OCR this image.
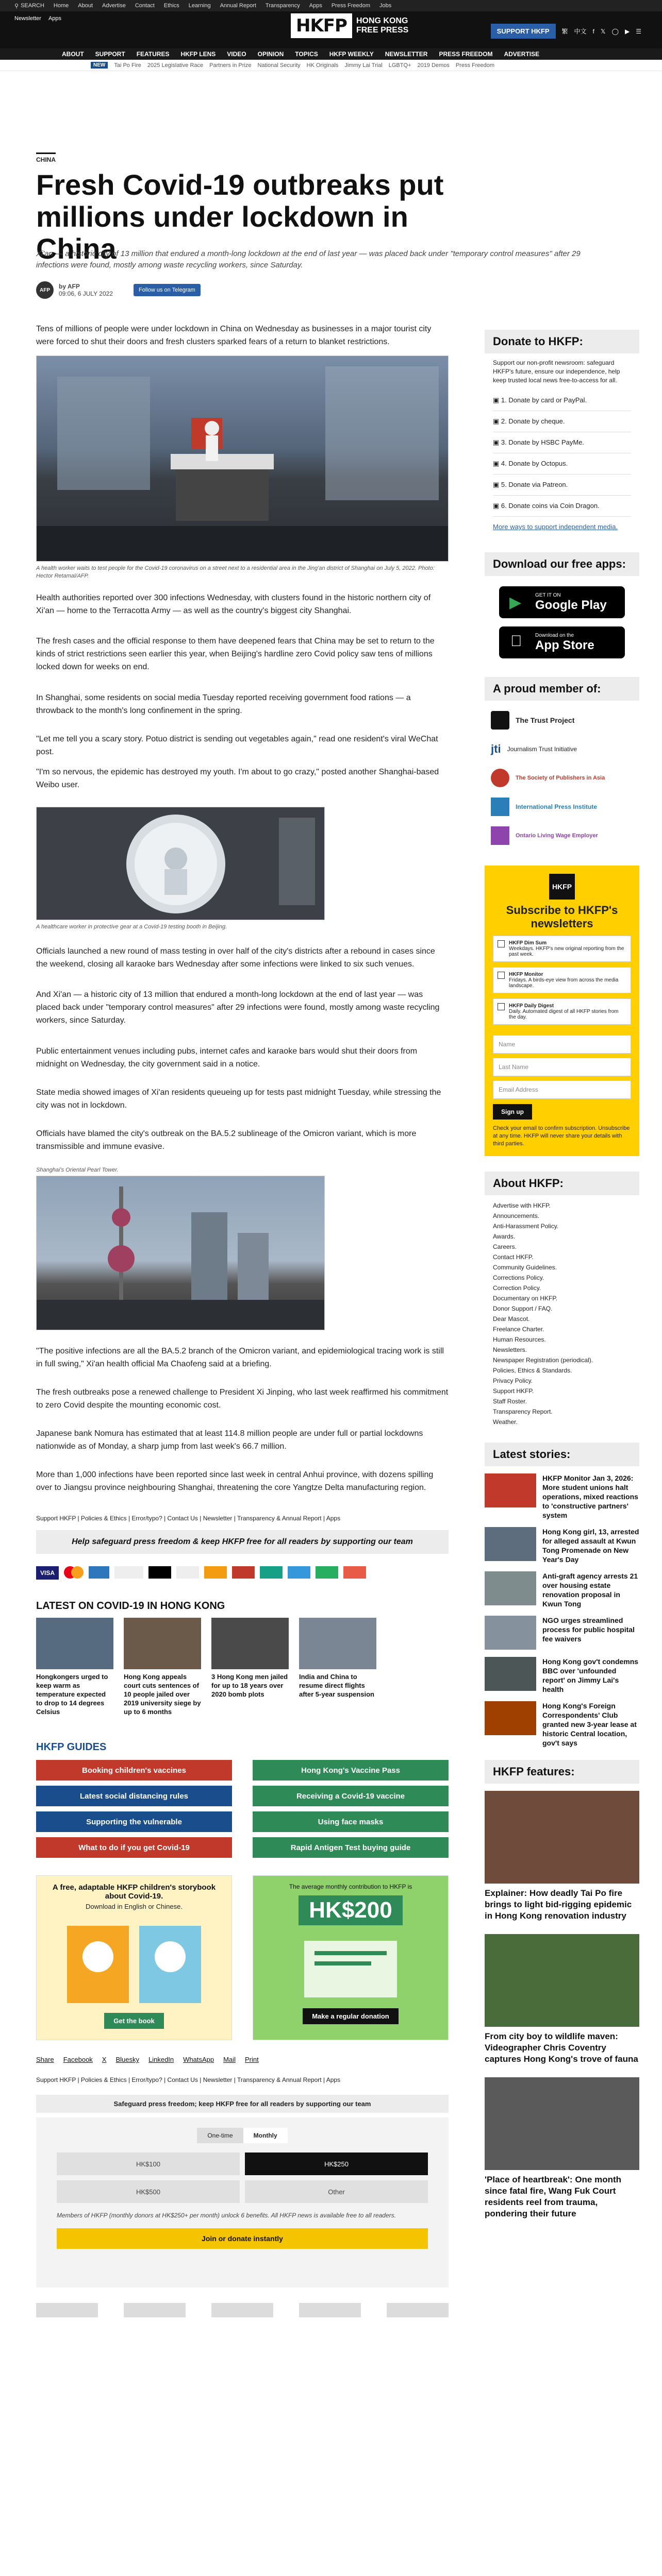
⚲ SEARCH Home About Advertise Contact Ethics Learning Annual Report Transparency Apps Press Freedom Jobs
Newsletter Apps	HKFP	HONG KONG
FREE PRESS	SUPPORT HKFP	繁 中文 f 𝕏 ◯ ▶ ☰
ABOUT SUPPORT FEATURES HKFP LENS VIDEO OPINION TOPICS HKFP WEEKLY NEWSLETTER PRESS FREEDOM ADVERTISE
NEW	Tai Po Fire 2025 Legislative Race Partners in Prize National Security HK Originals Jimmy Lai Trial LGBTQ+ 2019 Demos Press Freedom
CHINA
Fresh Covid-19 outbreaks put millions under lockdown in China
Xi'an — a historic city of 13 million that endured a month-long lockdown at the end of last year — was placed back under "temporary control measures" after 29 infections were found, mostly among waste recycling workers, since Saturday.
AFP	by AFP
09:06, 6 JULY 2022	Follow us on Telegram

Tens of millions of people were under lockdown in China on Wednesday as businesses in a major tourist city were forced to shut their doors and fresh clusters sparked fears of a return to blanket restrictions.

A health worker waits to test people for the Covid-19 coronavirus on a street next to a residential area in the Jing'an district of Shanghai on July 5, 2022. Photo: Hector Retamal/AFP.

Health authorities reported over 300 infections Wednesday, with clusters found in the historic northern city of Xi'an — home to the Terracotta Army — as well as the country's biggest city Shanghai.

The fresh cases and the official response to them have deepened fears that China may be set to return to the kinds of strict restrictions seen earlier this year, when Beijing's hardline zero Covid policy saw tens of millions locked down for weeks on end.

In Shanghai, some residents on social media Tuesday reported receiving government food rations — a throwback to the month's long confinement in the spring.

"Let me tell you a scary story. Potuo district is sending out vegetables again," read one resident's viral WeChat post.

"I'm so nervous, the epidemic has destroyed my youth. I'm about to go crazy," posted another Shanghai-based Weibo user.

A healthcare worker in protective gear at a Covid-19 testing booth in Beijing.

Officials launched a new round of mass testing in over half of the city's districts after a rebound in cases since the weekend, closing all karaoke bars Wednesday after some infections were linked to six such venues.

And Xi'an — a historic city of 13 million that endured a month-long lockdown at the end of last year — was placed back under "temporary control measures" after 29 infections were found, mostly among waste recycling workers, since Saturday.

Public entertainment venues including pubs, internet cafes and karaoke bars would shut their doors from midnight on Wednesday, the city government said in a notice.

State media showed images of Xi'an residents queueing up for tests past midnight Tuesday, while stressing the city was not in lockdown.

Officials have blamed the city's outbreak on the BA.5.2 sublineage of the Omicron variant, which is more transmissible and immune evasive.

Shanghai's Oriental Pearl Tower.

"The positive infections are all the BA.5.2 branch of the Omicron variant, and epidemiological tracing work is still in full swing," Xi'an health official Ma Chaofeng said at a briefing.

The fresh outbreaks pose a renewed challenge to President Xi Jinping, who last week reaffirmed his commitment to zero Covid despite the mounting economic cost.

Japanese bank Nomura has estimated that at least 114.8 million people are under full or partial lockdowns nationwide as of Monday, a sharp jump from last week's 66.7 million.

More than 1,000 infections have been reported since last week in central Anhui province, with dozens spilling over to Jiangsu province neighbouring Shanghai, threatening the core Yangtze Delta manufacturing region.

Support HKFP | Policies & Ethics | Error/typo? | Contact Us | Newsletter | Transparency & Annual Report | Apps
Help safeguard press freedom & keep HKFP free for all readers by supporting our team
VISA
LATEST ON COVID-19 IN HONG KONG
Hongkongers urged to keep warm as temperature expected to drop to 14 degrees Celsius
Hong Kong appeals court cuts sentences of 10 people jailed over 2019 university siege by up to 6 months
3 Hong Kong men jailed for up to 18 years over 2020 bomb plots
India and China to resume direct flights after 5-year suspension
HKFP GUIDES
Booking children's vaccines	Hong Kong's Vaccine Pass
Latest social distancing rules	Receiving a Covid-19 vaccine
Supporting the vulnerable	Using face masks
What to do if you get Covid-19	Rapid Antigen Test buying guide
A free, adaptable HKFP children's storybook about Covid-19.
Download in English or Chinese.
Get the book
The average monthly contribution to HKFP is
HK$200  Make a regular donation
Share Facebook X Bluesky LinkedIn WhatsApp Mail Print
Support HKFP | Policies & Ethics | Error/typo? | Contact Us | Newsletter | Transparency & Annual Report | Apps
Safeguard press freedom; keep HKFP free for all readers by supporting our team
One-time	Monthly
HK$100	HK$250
HK$500	Other
Members of HKFP (monthly donors at HK$250+ per month) unlock 6 benefits. All HKFP news is available free to all readers.
Join or donate instantly
Donate to HKFP:
Support our non-profit newsroom: safeguard HKFP's future, ensure our independence, help keep trusted local news free-to-access for all.
▣ 1. Donate by card or PayPal.
▣ 2. Donate by cheque.
▣ 3. Donate by HSBC PayMe.
▣ 4. Donate by Octopus.
▣ 5. Donate via Patreon.
▣ 6. Donate coins via Coin Dragon.
More ways to support independent media.
Download our free apps:
▶	GET IT ON
Google Play
Download on the
App Store
A proud member of:
The Trust Project
jti Journalism Trust Initiative
The Society of Publishers in Asia
International Press Institute
Ontario Living Wage Employer
HKFP
Subscribe to HKFP's newsletters
HKFP Dim Sum
Weekdays. HKFP's new original reporting from the past week.
HKFP Monitor
Fridays. A birds-eye view from across the media landscape.
HKFP Daily Digest
Daily. Automated digest of all HKFP stories from the day.
Name
Last Name
Email Address
Sign up
Check your email to confirm subscription. Unsubscribe at any time. HKFP will never share your details with third parties.
About HKFP:
Advertise with HKFP.
Announcements.
Anti-Harassment Policy.
Awards.
Careers.
Contact HKFP.
Community Guidelines.
Corrections Policy.
Correction Policy.
Documentary on HKFP.
Donor Support / FAQ.
Dear Mascot.
Freelance Charter.
Human Resources.
Newsletters.
Newspaper Registration (periodical).
Policies, Ethics & Standards.
Privacy Policy.
Support HKFP.
Staff Roster.
Transparency Report.
Weather.
Latest stories:
HKFP Monitor Jan 3, 2026: More student unions halt operations, mixed reactions to 'constructive partners' system
Hong Kong girl, 13, arrested for alleged assault at Kwun Tong Promenade on New Year's Day
Anti-graft agency arrests 21 over housing estate renovation proposal in Kwun Tong
NGO urges streamlined process for public hospital fee waivers
Hong Kong gov't condemns BBC over 'unfounded report' on Jimmy Lai's health
Hong Kong's Foreign Correspondents' Club granted new 3-year lease at historic Central location, gov't says
HKFP features:
Explainer: How deadly Tai Po fire brings to light bid-rigging epidemic in Hong Kong renovation industry
From city boy to wildlife maven: Videographer Chris Coventry captures Hong Kong's trove of fauna
'Place of heartbreak': One month since fatal fire, Wang Fuk Court residents reel from trauma, pondering their future
